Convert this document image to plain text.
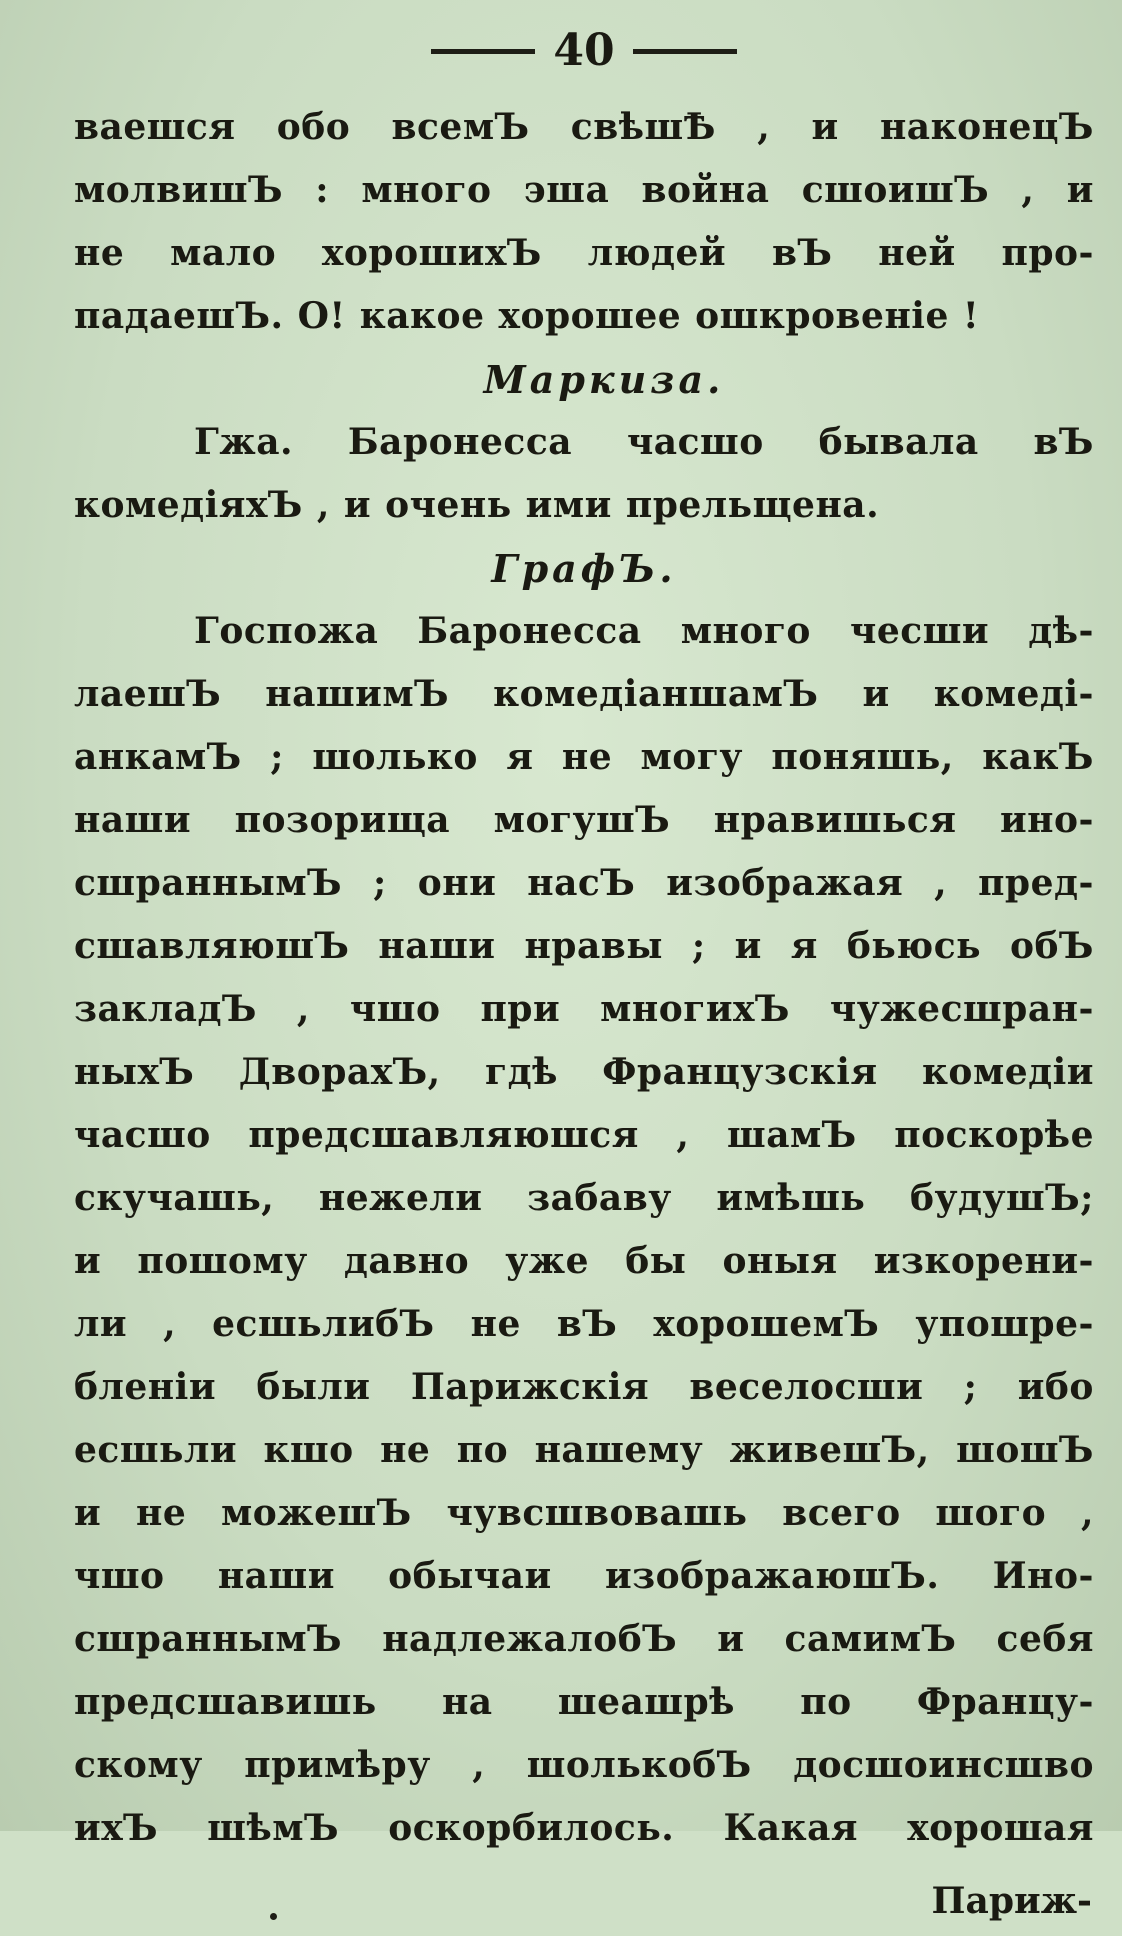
40
ваешся обо всемЪ свѣшѢ , и наконецЪ
молвишЪ : много эша война сшоишЪ , и
не мало хорошихЪ людей вЪ ней про-
падаешЪ. О! какое хорошее ошкровеніе !
Маркиза.
Гжа. Баронесса часшо бывала вЪ
комедіяхЪ , и очень ими прельщена.
ГрафЪ.
Госпожа Баронесса много чесши дѣ-
лаешЪ нашимЪ комедіаншамЪ и комеді-
анкамЪ ; шолько я не могу поняшь, какЪ
наши позорища могушЪ нравишься ино-
сшраннымЪ ; они насЪ изображая , пред-
сшавляюшЪ наши нравы ; и я бьюсь обЪ
закладЪ , чшо при многихЪ чужесшран-
ныхЪ ДворахЪ, гдѣ Французскія комедіи
часшо предсшавляюшся , шамЪ поскорѣе
скучашь, нежели забаву имѣшь будушЪ;
и пошому давно уже бы оныя изкорени-
ли , есшьлибЪ не вЪ хорошемЪ упошре-
бленіи были Парижскія веселосши ; ибо
есшьли кшо не по нашему живешЪ, шошЪ
и не можешЪ чувсшвовашь всего шого ,
чшо наши обычаи изображаюшЪ. Ино-
сшраннымЪ надлежалобЪ и самимЪ себя
предсшавишь на шеашрѣ по Францу-
скому примѣру , шолькобЪ досшоинсшво
ихЪ шѣмЪ оскорбилось. Какая хорошая
Париж-
